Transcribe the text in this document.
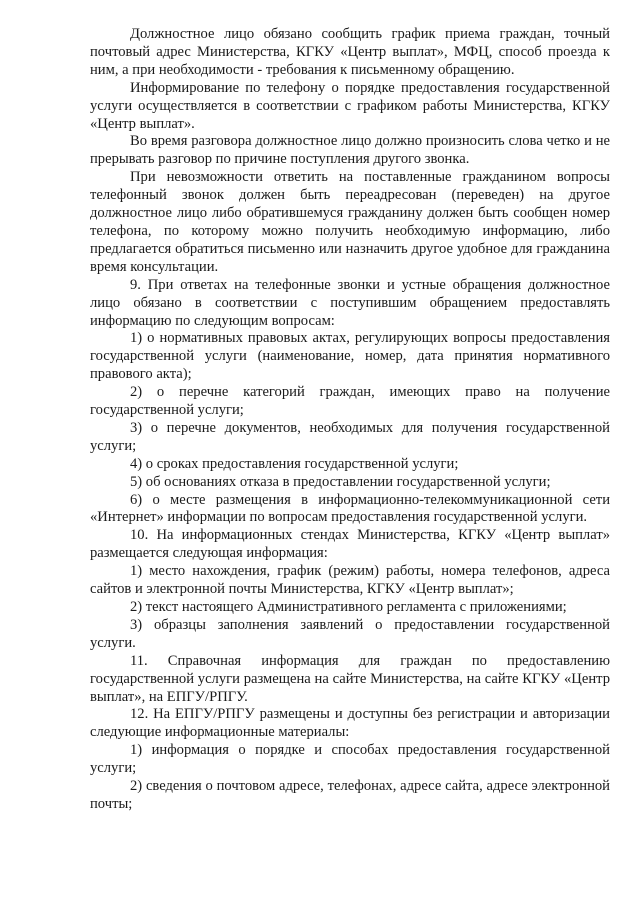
Должностное лицо обязано сообщить график приема граждан, точный почтовый адрес Министерства, КГКУ «Центр выплат», МФЦ, способ проезда к ним, а при необходимости - требования к письменному обращению.

Информирование по телефону о порядке предоставления государственной услуги осуществляется в соответствии с графиком работы Министерства, КГКУ «Центр выплат».

Во время разговора должностное лицо должно произносить слова четко и не прерывать разговор по причине поступления другого звонка.

При невозможности ответить на поставленные гражданином вопросы телефонный звонок должен быть переадресован (переведен) на другое должностное лицо либо обратившемуся гражданину должен быть сообщен номер телефона, по которому можно получить необходимую информацию, либо предлагается обратиться письменно или назначить другое удобное для гражданина время консультации.

9. При ответах на телефонные звонки и устные обращения должностное лицо обязано в соответствии с поступившим обращением предоставлять информацию по следующим вопросам:

1) о нормативных правовых актах, регулирующих вопросы предоставления государственной услуги (наименование, номер, дата принятия нормативного правового акта);

2) о перечне категорий граждан, имеющих право на получение государственной услуги;

3) о перечне документов, необходимых для получения государственной услуги;

4) о сроках предоставления государственной услуги;

5) об основаниях отказа в предоставлении государственной услуги;

6) о месте размещения в информационно-телекоммуникационной сети «Интернет» информации по вопросам предоставления государственной услуги.

10. На информационных стендах Министерства, КГКУ «Центр выплат» размещается следующая информация:

1) место нахождения, график (режим) работы, номера телефонов, адреса сайтов и электронной почты Министерства, КГКУ «Центр выплат»;

2) текст настоящего Административного регламента с приложениями;

3) образцы заполнения заявлений о предоставлении государственной услуги.

11. Справочная информация для граждан по предоставлению государственной услуги размещена на сайте Министерства, на сайте КГКУ «Центр выплат», на ЕПГУ/РПГУ.

12. На ЕПГУ/РПГУ размещены и доступны без регистрации и авторизации следующие информационные материалы:

1) информация о порядке и способах предоставления государственной услуги;

2) сведения о почтовом адресе, телефонах, адресе сайта, адресе электронной почты;
